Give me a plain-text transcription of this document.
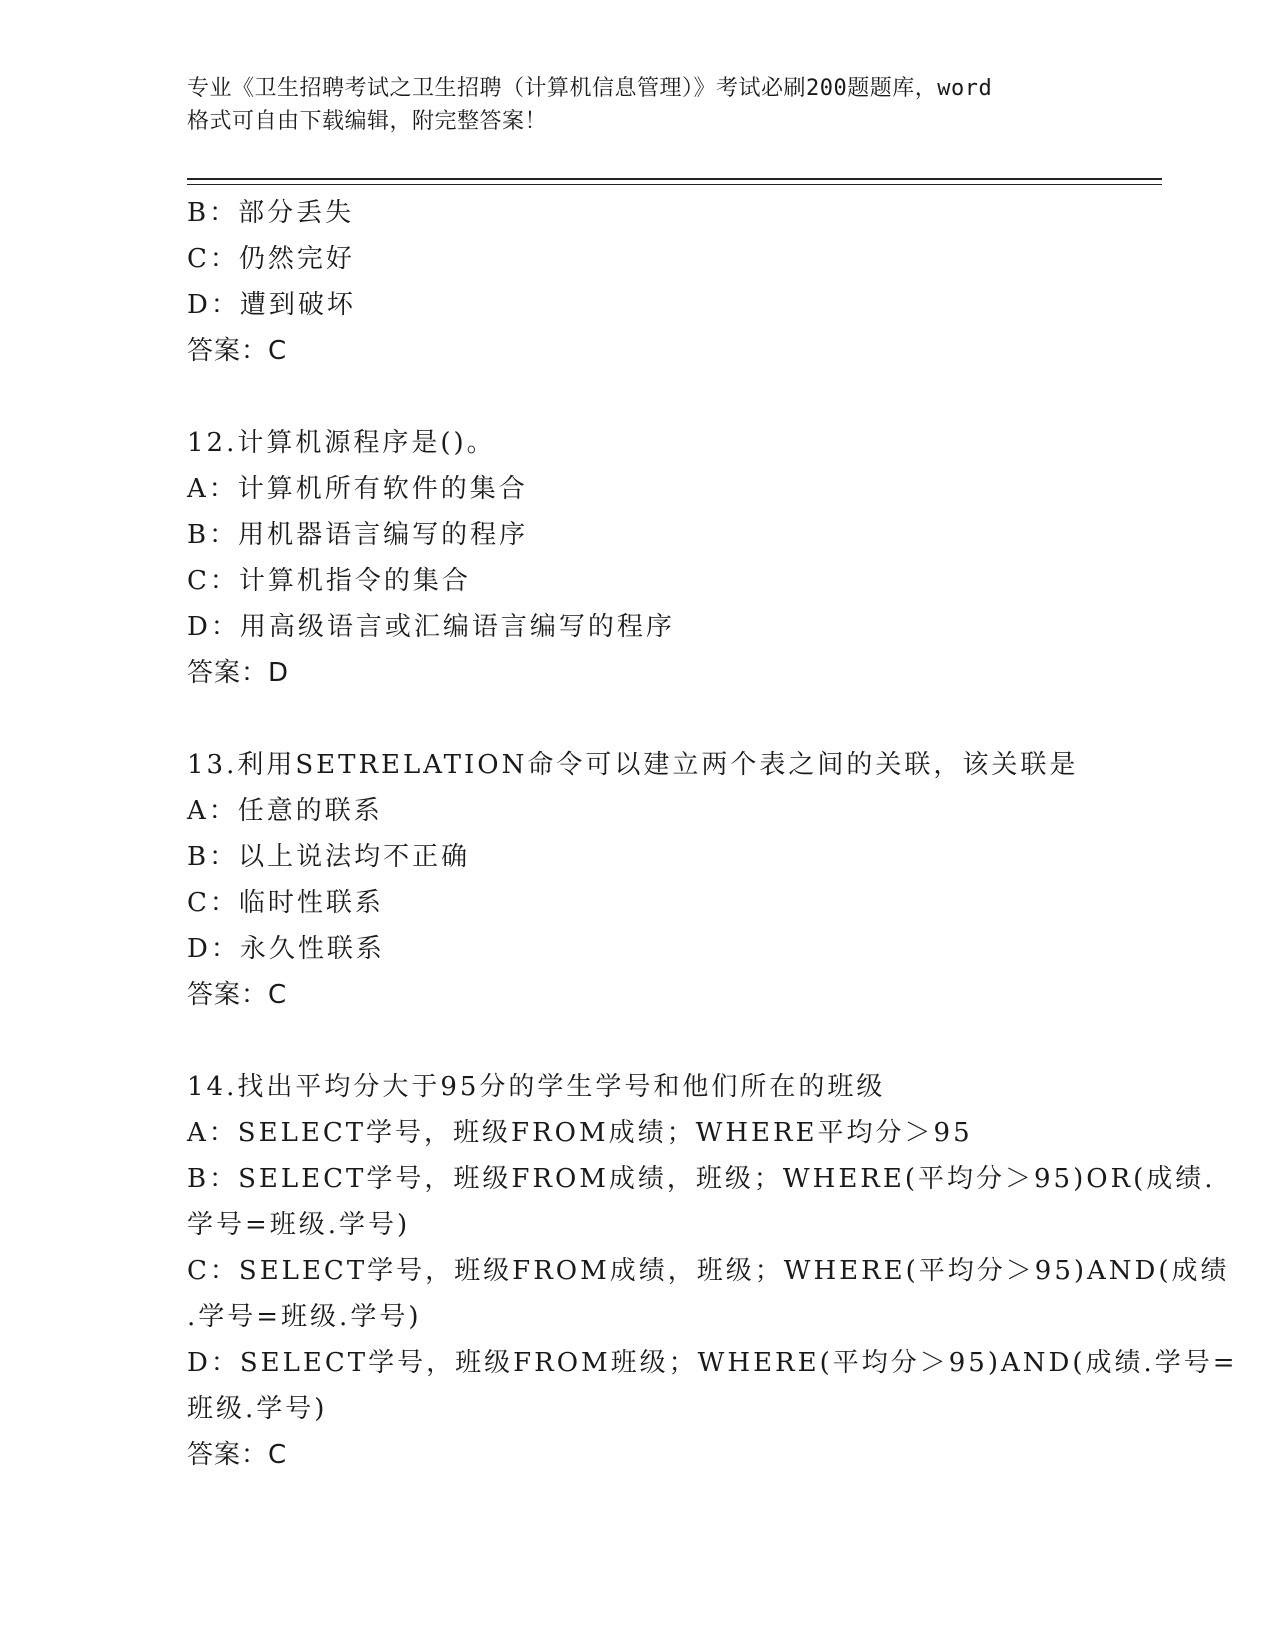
专业《卫生招聘考试之卫生招聘（计算机信息管理）》考试必刷200题题库，word
格式可自由下载编辑，附完整答案！
B：部分丢失
C：仍然完好
D：遭到破坏
答案：C
12.计算机源程序是()。
A：计算机所有软件的集合
B：用机器语言编写的程序
C：计算机指令的集合
D：用高级语言或汇编语言编写的程序
答案：D
13.利用SETRELATION命令可以建立两个表之间的关联，该关联是
A：任意的联系
B：以上说法均不正确
C：临时性联系
D：永久性联系
答案：C
14.找出平均分大于95分的学生学号和他们所在的班级
A：SELECT学号，班级FROM成绩；WHERE平均分＞95
B：SELECT学号，班级FROM成绩，班级；WHERE(平均分＞95)OR(成绩.
学号=班级.学号)
C：SELECT学号，班级FROM成绩，班级；WHERE(平均分＞95)AND(成绩
.学号=班级.学号)
D：SELECT学号，班级FROM班级；WHERE(平均分＞95)AND(成绩.学号=
班级.学号)
答案：C
